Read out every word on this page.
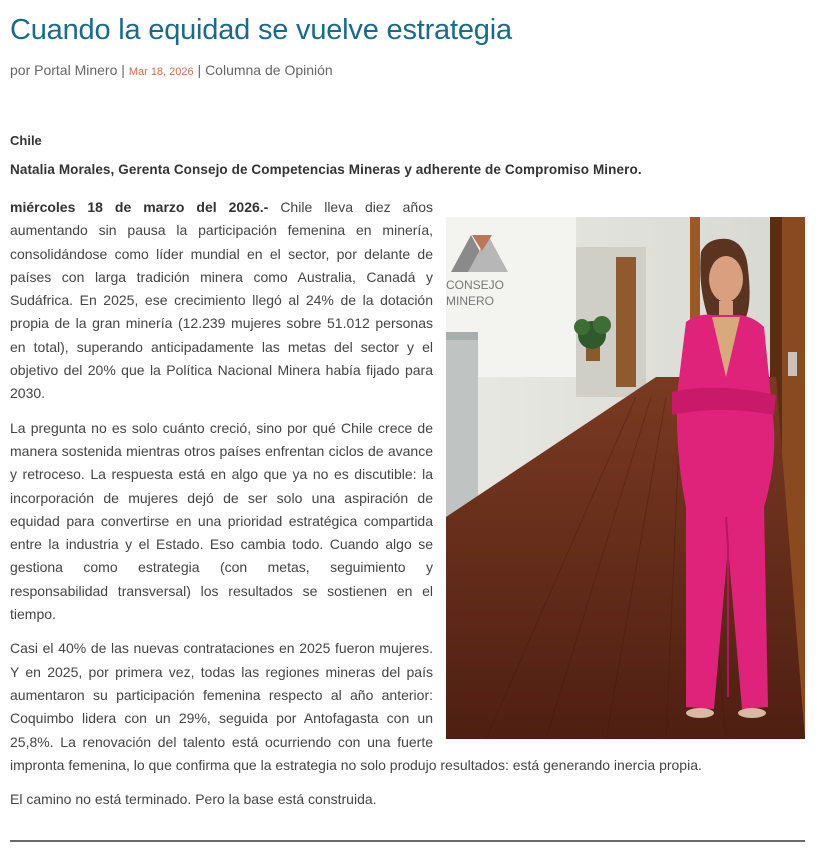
Cuando la equidad se vuelve estrategia
por Portal Minero | Mar 18, 2026 | Columna de Opinión
Chile
Natalia Morales, Gerenta Consejo de Competencias Mineras y adherente de Compromiso Minero.

miércoles 18 de marzo del 2026.- Chile lleva diez años aumentando sin pausa la participación femenina en minería, consolidándose como líder mundial en el sector, por delante de países con larga tradición minera como Australia, Canadá y Sudáfrica. En 2025, ese crecimiento llegó al 24% de la dotación propia de la gran minería (12.239 mujeres sobre 51.012 personas en total), superando anticipadamente las metas del sector y el objetivo del 20% que la Política Nacional Minera había fijado para 2030.

La pregunta no es solo cuánto creció, sino por qué Chile crece de manera sostenida mientras otros países enfrentan ciclos de avance y retroceso. La respuesta está en algo que ya no es discutible: la incorporación de mujeres dejó de ser solo una aspiración de equidad para convertirse en una prioridad estratégica compartida entre la industria y el Estado. Eso cambia todo. Cuando algo se gestiona como estrategia (con metas, seguimiento y responsabilidad transversal) los resultados se sostienen en el tiempo.

Casi el 40% de las nuevas contrataciones en 2025 fueron mujeres. Y en 2025, por primera vez, todas las regiones mineras del país aumentaron su participación femenina respecto al año anterior: Coquimbo lidera con un 29%, seguida por Antofagasta con un 25,8%. La renovación del talento está ocurriendo con una fuerte impronta femenina, lo que confirma que la estrategia no solo produjo resultados: está generando inercia propia.

El camino no está terminado. Pero la base está construida.

CONSEJO
MINERO
